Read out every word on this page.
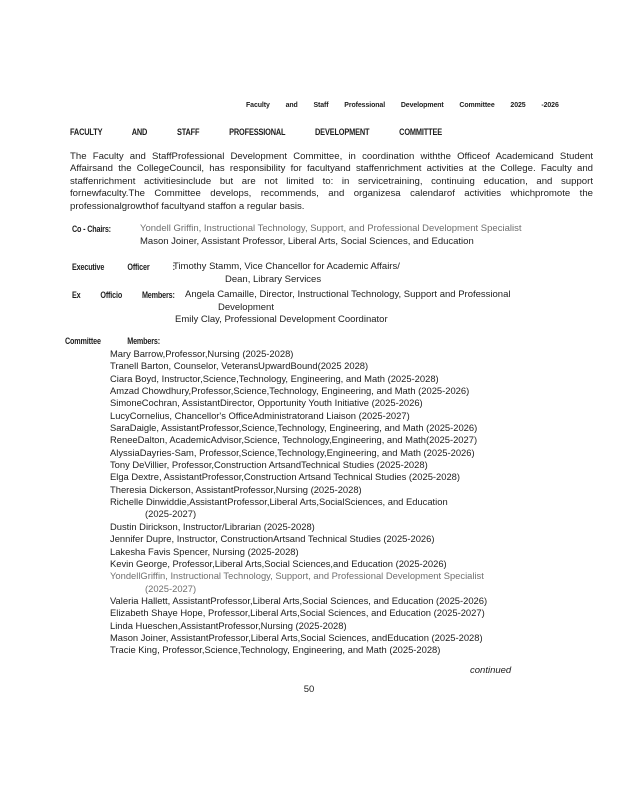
Faculty and Staff Professional Development Committee 2025 -2026
FACULTY AND STAFF PROFESSIONAL DEVELOPMENT COMMITTEE
The Faculty and StaffProfessional Development Committee, in coordination withthe Officeof Academicand Student Affairsand the CollegeCouncil, has responsibility for facultyand staffenrichment activities at the College. Faculty and staffenrichment activitiesinclude but are not limited to: in servicetraining, continuing education, and support fornewfaculty.The Committee develops, recommends, and organizesa calendarof activities whichpromote the professionalgrowthof facultyand staffon a regular basis.
Co - Chairs:	Yondell Griffin, Instructional Technology, Support, and Professional Development Specialist
Mason Joiner, Assistant Professor, Liberal Arts, Social Sciences, and Education
Executive Officer :
Timothy Stamm, Vice Chancellor for Academic Affairs/
Dean, Library Services
Ex Officio Members: Angela Camaille, Director, Instructional Technology, Support and Professional
Development
Emily Clay, Professional Development Coordinator
Committee Members:
Mary Barrow,Professor,Nursing (2025-2028)
Tranell Barton, Counselor, VeteransUpwardBound(2025 2028)
Ciara Boyd, Instructor,Science,Technology, Engineering, and Math (2025-2028)
Amzad Chowdhury,Professor,Science,Technology, Engineering, and Math (2025-2026)
SimoneCochran, AssistantDirector, Opportunity Youth Initiative (2025-2026)
LucyCornelius, Chancellor's OfficeAdministratorand Liaison (2025-2027)
SaraDaigle, AssistantProfessor,Science,Technology, Engineering, and Math (2025-2026)
ReneeDalton, AcademicAdvisor,Science, Technology,Engineering, and Math(2025-2027)
AlyssiaDayries-Sam, Professor,Science,Technology,Engineering, and Math (2025-2026)
Tony DeVillier, Professor,Construction ArtsandTechnical Studies (2025-2028)
Elga Dextre, AssistantProfessor,Construction Artsand Technical Studies (2025-2028)
Theresia Dickerson, AssistantProfessor,Nursing (2025-2028)
Richelle Dinwiddie,AssistantProfessor,Liberal Arts,SocialSciences, and Education
(2025-2027)
Dustin Dirickson, Instructor/Librarian (2025-2028)
Jennifer Dupre, Instructor, ConstructionArtsand Technical Studies (2025-2026)
Lakesha Favis Spencer, Nursing (2025-2028)
Kevin George, Professor,Liberal Arts,Social Sciences,and Education (2025-2026)
YondellGriffin, Instructional Technology, Support, and Professional Development Specialist
(2025-2027)
Valeria Hallett, AssistantProfessor,Liberal Arts,Social Sciences, and Education (2025-2026)
Elizabeth Shaye Hope, Professor,Liberal Arts,Social Sciences, and Education (2025-2027)
Linda Hueschen,AssistantProfessor,Nursing (2025-2028)
Mason Joiner, AssistantProfessor,Liberal Arts,Social Sciences, andEducation (2025-2028)
Tracie King, Professor,Science,Technology, Engineering, and Math (2025-2028)
continued
50
